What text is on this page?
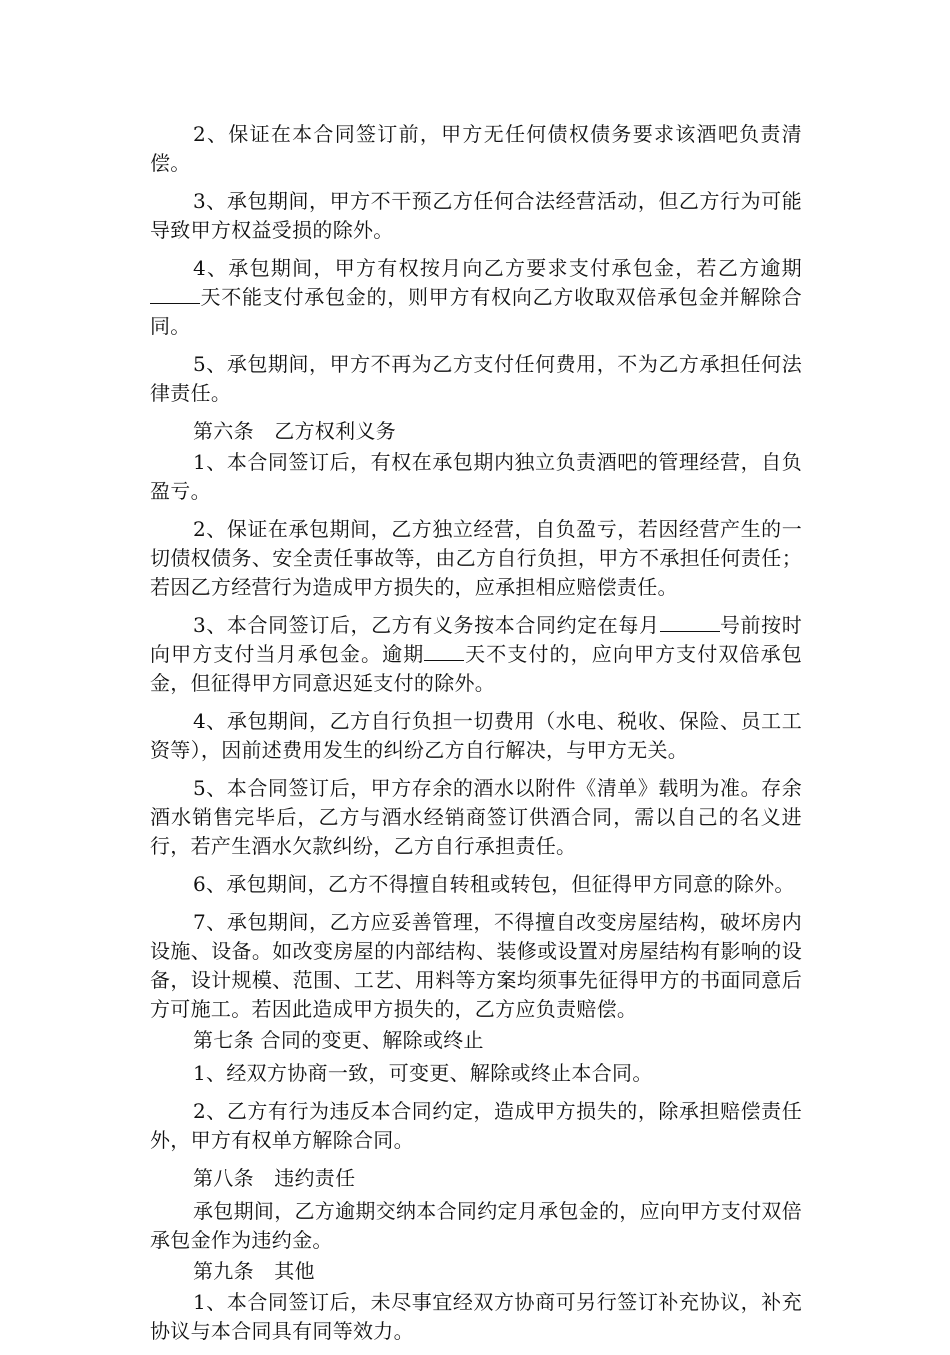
2、保证在本合同签订前，甲方无任何债权债务要求该酒吧负责清偿。

3、承包期间，甲方不干预乙方任何合法经营活动，但乙方行为可能导致甲方权益受损的除外。

4、承包期间，甲方有权按月向乙方要求支付承包金，若乙方逾期天不能支付承包金的，则甲方有权向乙方收取双倍承包金并解除合同。

5、承包期间，甲方不再为乙方支付任何费用，不为乙方承担任何法律责任。

第六条　乙方权利义务

1、本合同签订后，有权在承包期内独立负责酒吧的管理经营，自负盈亏。

2、保证在承包期间，乙方独立经营，自负盈亏，若因经营产生的一切债权债务、安全责任事故等，由乙方自行负担，甲方不承担任何责任；若因乙方经营行为造成甲方损失的，应承担相应赔偿责任。

3、本合同签订后，乙方有义务按本合同约定在每月	号前按时向甲方支付当月承包金。逾期 天不支付的，应向甲方支付双倍承包金，但征得甲方同意迟延支付的除外。

4、承包期间，乙方自行负担一切费用（水电、税收、保险、员工工资等），因前述费用发生的纠纷乙方自行解决，与甲方无关。

5、本合同签订后，甲方存余的酒水以附件《清单》载明为准。存余酒水销售完毕后，乙方与酒水经销商签订供酒合同，需以自己的名义进行，若产生酒水欠款纠纷，乙方自行承担责任。

6、承包期间，乙方不得擅自转租或转包，但征得甲方同意的除外。

7、承包期间，乙方应妥善管理，不得擅自改变房屋结构，破坏房内设施、设备。如改变房屋的内部结构、装修或设置对房屋结构有影响的设备，设计规模、范围、工艺、用料等方案均须事先征得甲方的书面同意后方可施工。若因此造成甲方损失的，乙方应负责赔偿。

第七条 合同的变更、解除或终止

1、经双方协商一致，可变更、解除或终止本合同。

2、乙方有行为违反本合同约定，造成甲方损失的，除承担赔偿责任外，甲方有权单方解除合同。

第八条　违约责任

承包期间，乙方逾期交纳本合同约定月承包金的，应向甲方支付双倍承包金作为违约金。

第九条　其他

1、本合同签订后，未尽事宜经双方协商可另行签订补充协议，补充协议与本合同具有同等效力。
